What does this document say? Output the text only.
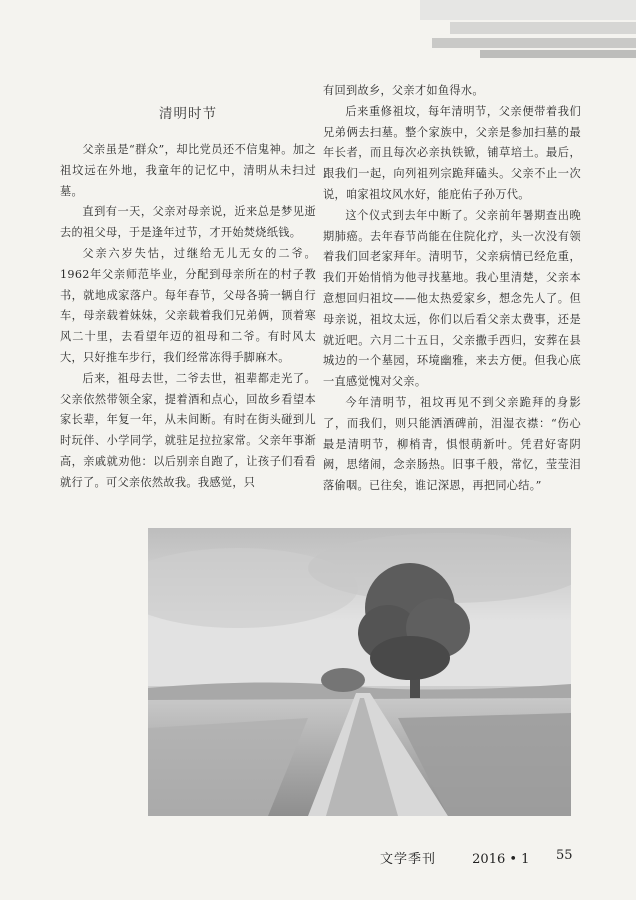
清明时节

父亲虽是“群众”，却比党员还不信鬼神。加之祖坟远在外地，我童年的记忆中，清明从未扫过墓。

直到有一天，父亲对母亲说，近来总是梦见逝去的祖父母，于是逢年过节，才开始焚烧纸钱。

父亲六岁失怙，过继给无儿无女的二爷。1962年父亲师范毕业，分配到母亲所在的村子教书，就地成家落户。每年春节，父母各骑一辆自行车，母亲载着妹妹，父亲载着我们兄弟俩，顶着寒风二十里，去看望年迈的祖母和二爷。有时风太大，只好推车步行，我们经常冻得手脚麻木。

后来，祖母去世，二爷去世，祖辈都走光了。父亲依然带领全家，提着酒和点心，回故乡看望本家长辈，年复一年，从未间断。有时在街头碰到儿时玩伴、小学同学，就驻足拉拉家常。父亲年事渐高，亲戚就劝他：以后别亲自跑了，让孩子们看看就行了。可父亲依然故我。我感觉，只

有回到故乡，父亲才如鱼得水。

后来重修祖坟，每年清明节，父亲便带着我们兄弟俩去扫墓。整个家族中，父亲是参加扫墓的最年长者，而且每次必亲执铁锨，铺草培土。最后，跟我们一起，向列祖列宗跪拜磕头。父亲不止一次说，咱家祖坟风水好，能庇佑子孙万代。

这个仪式到去年中断了。父亲前年暑期查出晚期肺癌。去年春节尚能在住院化疗，头一次没有领着我们回老家拜年。清明节，父亲病情已经危重，我们开始悄悄为他寻找墓地。我心里清楚，父亲本意想回归祖坟——他太热爱家乡，想念先人了。但母亲说，祖坟太远，你们以后看父亲太费事，还是就近吧。六月二十五日，父亲撒手西归，安葬在县城边的一个墓园，环境幽雅，来去方便。但我心底一直感觉愧对父亲。

今年清明节，祖坟再见不到父亲跪拜的身影了，而我们，则只能洒酒碑前，泪湿衣襟：“伤心最是清明节，柳梢青，惧恨萌新叶。凭君好寄阴阙，思绪闹，念亲肠热。旧事千般，常忆，莹莹泪落偷咽。已往矣，谁记深恩，再把同心结。”

文学季刊	2016 • 1 55
